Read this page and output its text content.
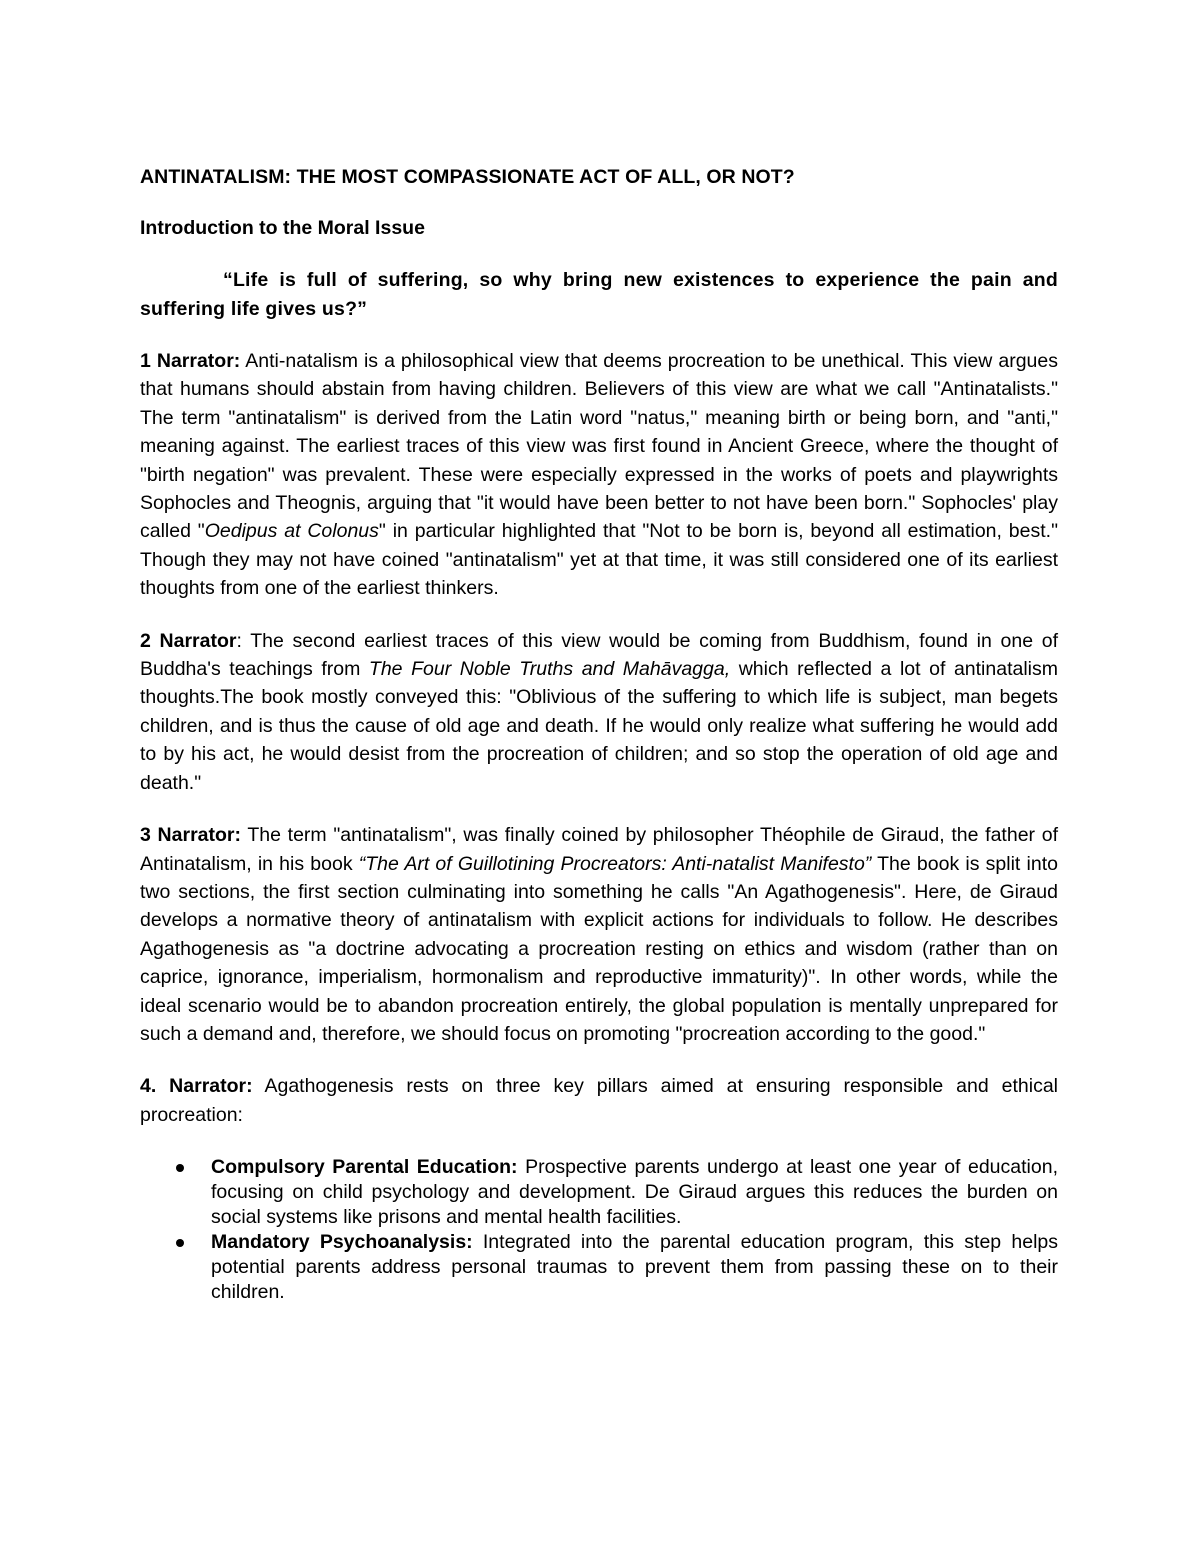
ANTINATALISM: THE MOST COMPASSIONATE ACT OF ALL, OR NOT?

Introduction to the Moral Issue

“Life is full of suffering, so why bring new existences to experience the pain and suffering life gives us?”

1 Narrator: Anti-natalism is a philosophical view that deems procreation to be unethical. This view argues that humans should abstain from having children. Believers of this view are what we call "Antinatalists." The term "antinatalism" is derived from the Latin word "natus," meaning birth or being born, and "anti," meaning against. The earliest traces of this view was first found in Ancient Greece, where the thought of "birth negation" was prevalent. These were especially expressed in the works of poets and playwrights Sophocles and Theognis, arguing that "it would have been better to not have been born." Sophocles' play called "Oedipus at Colonus" in particular highlighted that "Not to be born is, beyond all estimation, best." Though they may not have coined "antinatalism" yet at that time, it was still considered one of its earliest thoughts from one of the earliest thinkers.

2 Narrator: The second earliest traces of this view would be coming from Buddhism, found in one of Buddha's teachings from The Four Noble Truths and Mahāvagga, which reflected a lot of antinatalism thoughts.The book mostly conveyed this: "Oblivious of the suffering to which life is subject, man begets children, and is thus the cause of old age and death. If he would only realize what suffering he would add to by his act, he would desist from the procreation of children; and so stop the operation of old age and death."

3 Narrator: The term "antinatalism", was finally coined by philosopher Théophile de Giraud, the father of Antinatalism, in his book “The Art of Guillotining Procreators: Anti-natalist Manifesto” The book is split into two sections, the first section culminating into something he calls "An Agathogenesis". Here, de Giraud develops a normative theory of antinatalism with explicit actions for individuals to follow. He describes Agathogenesis as "a doctrine advocating a procreation resting on ethics and wisdom (rather than on caprice, ignorance, imperialism, hormonalism and reproductive immaturity)". In other words, while the ideal scenario would be to abandon procreation entirely, the global population is mentally unprepared for such a demand and, therefore, we should focus on promoting "procreation according to the good."

4. Narrator: Agathogenesis rests on three key pillars aimed at ensuring responsible and ethical procreation:

Compulsory Parental Education: Prospective parents undergo at least one year of education, focusing on child psychology and development. De Giraud argues this reduces the burden on social systems like prisons and mental health facilities.
Mandatory Psychoanalysis: Integrated into the parental education program, this step helps potential parents address personal traumas to prevent them from passing these on to their children.
